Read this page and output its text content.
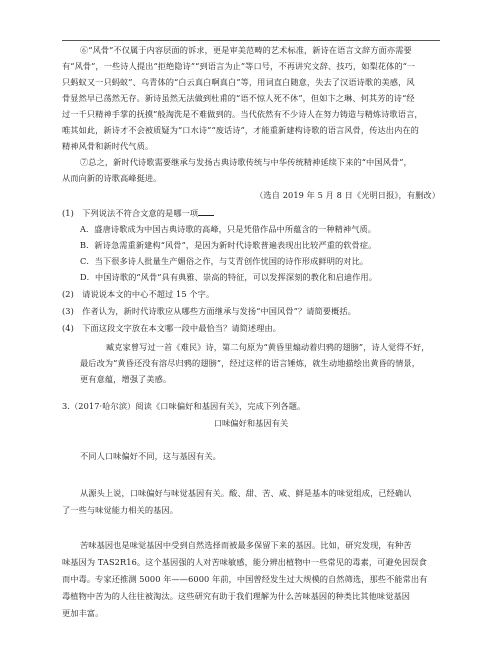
⑥“风骨”不仅属于内容层面的诉求，更是审美范畴的艺术标准，新诗在语言文辞方面亦需要
有“风骨”，一些诗人提出“拒绝隐诗”“到语言为止”等口号，不再讲究文辞、技巧，如梨花体的“一
只蚂蚁又一只蚂蚁”、乌青体的“白云真白啊真白”等，用词直白随意，失去了汉语诗歌的美感，风
骨显然早已荡然无存。新诗虽然无法做到杜甫的“语不惊人死不休”，但如卞之琳、何其芳的诗“经
过一千只精神手掌的抚摸”般淘洗是不难做到的。当代依然有不少诗人在努力铸造与精炼诗歌语言，
唯其如此，新诗才不会被质疑为“口水诗”“废话诗”，才能重新建构诗歌的语言风骨，传达出内在的
精神风骨和新时代气质。
⑦总之，新时代诗歌需要继承与发扬古典诗歌传统与中华传统精神延续下来的“中国风骨”，
从而向新的诗歌高峰挺进。
（选自 2019 年 5 月 8 日《光明日报》，有删改）
(1)　下列说法不符合文意的是哪一项
A．盛唐诗歌成为中国古典诗歌的高峰，只是凭借作品中所蕴含的一种精神气质。
B．新诗急需重新建构“风骨”，是因为新时代诗歌普遍表现出比较严重的软骨症。
C．当下很多诗人批量生产媚俗之作，与艾青创作忧国的诗作形成鲜明的对比。
D．中国诗歌的“风骨”具有典雅、崇高的特征，可以发挥深刻的教化和启迪作用。
(2)　请说说本文的中心不超过 15 个字。
(3)　作者认为，新时代诗歌应从哪些方面继承与发扬“中国风骨”？请简要概括。
(4)　下面这段文字放在本文哪一段中最恰当？请简述理由。
臧克家曾写过一首《难民》诗，第二句原为“黄昏里煽动着归鸦的翅膀”，诗人觉得不好，
最后改为“黄昏还没有溶尽归鸦的翅膀”，经过这样的语言锤炼，就生动地描绘出黄昏的情景，
更有意蕴，增强了美感。
3.（2017·哈尔滨）阅读《口味偏好和基因有关》，完成下列各题。
口味偏好和基因有关
不同人口味偏好不同，这与基因有关。
从源头上说，口味偏好与味觉基因有关。酸、甜、苦、咸、鲜是基本的味觉组成，已经确认
了一些与味觉能力相关的基因。
苦味基因也是味觉基因中受到自然选择而被最多保留下来的基因。比如，研究发现，有种苦
味基因为 TAS2R16。这个基因强的人对苦味敏感，能分辨出植物中一些常见的毒素，可避免因误食
而中毒。专家还推测 5000 年——6000 年前，中国曾经发生过大规模的自然筛选，那些不能常出有
毒植物中苦为的人往往被淘汰。这些研究有助于我们理解为什么苦味基因的种类比其他味觉基因
更加丰富。
